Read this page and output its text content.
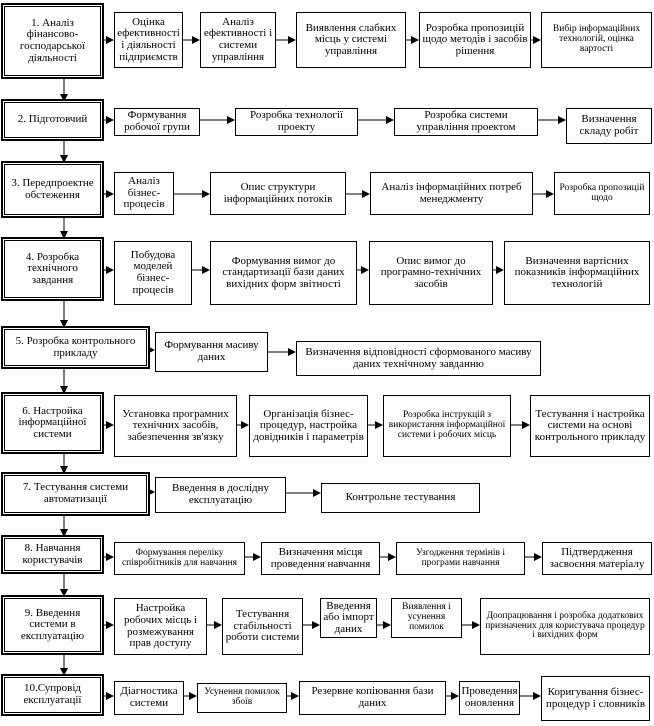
1. Аналіз фінансово-господарської діяльності
Оцінка ефективності і діяльності підприємств
Аналіз ефективності і системи управління
Виявлення слабких місць у системі управління
Розробка пропозицій щодо методів і засобів рішення
Вибір інформаційних технологій, оцінка вартості
2. Підготовчий	Формування робочої групи
Розробка технології проекту
Розробка системи управління проектом
Визначення складу робіт
3. Передпроектне обстеження
Аналіз бізнес-процесів
Опис структури інформаційних потоків
Аналіз інформаційних потреб менеджменту
Розробка пропозицій щодо
4. Розробка технічного завдання
Побудова моделей бізнес-процесів
Формування вимог до стандартизації бази даних вихідних форм звітності
Опис вимог до програмно-технічних засобів
Визначення вартісних показників інформаційних технологій
5. Розробка контрольного прикладу
Формування масиву даних	Визначення відповідності сформованого масиву даних технічному завданню
6. Настройка інформаційної системи
Установка програмних технічних засобів, забезпечення зв'язку
Організація бізнес-процедур, настройка довідників і параметрів
Розробка інструкцій з використання інформаційної системи і робочих місць
Тестування і настройка системи на основі контрольного прикладу
7. Тестування системи автоматизації
Введення в дослідну експлуатацію	Контрольне тестування
8. Навчання користувачів
Формування переліку співробітників для навчання
Визначення місця проведення навчання
Узгодження термінів і програми навчання
Підтвердження засвоєння матеріалу
9. Введення системи в експлуатацію
Настройка робочих місць і розмежування прав доступу
Тестування стабільності роботи системи
Введення або імпорт даних
Виявлення і усунення помилок
Доопрацювання і розробка додаткових призначених для користувача процедур і вихідних форм
10.Супровід експлуатації
Діагностика системи
Усунення помилок збоїв
Резервне копіювання бази даних
Проведення оновлення
Коригування бізнес-процедур і словників
